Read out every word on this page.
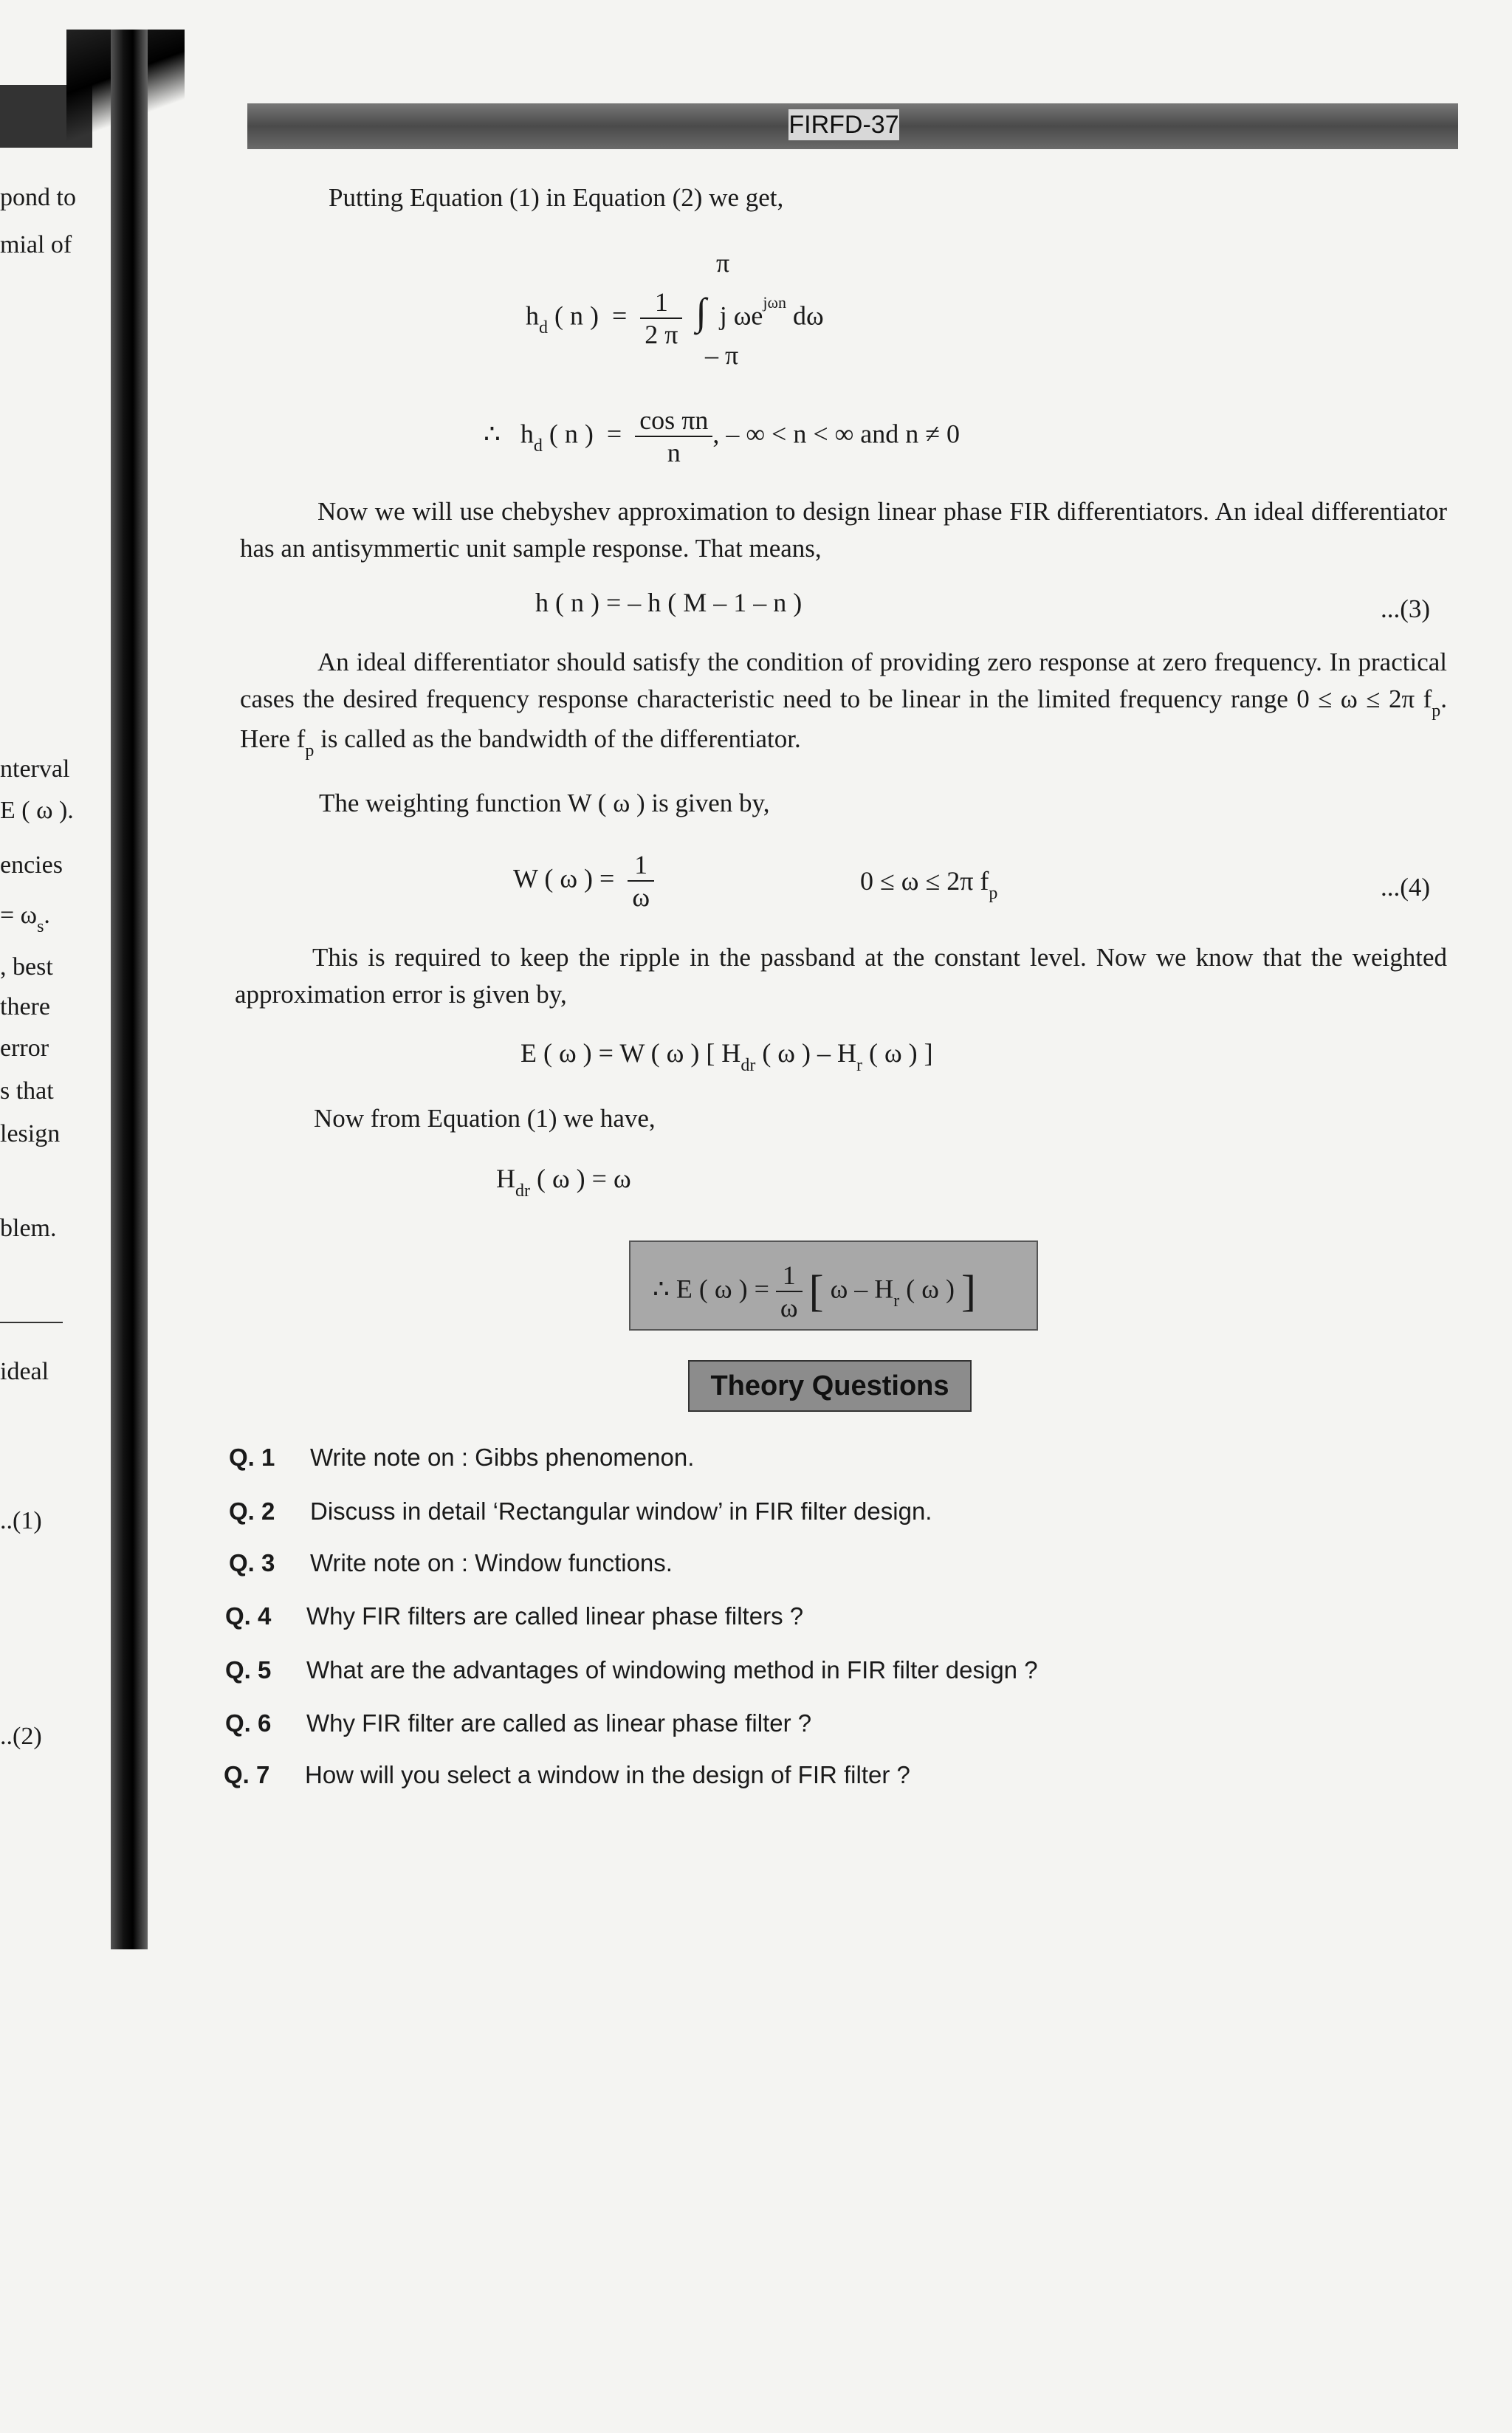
pond to
mial of
nterval
E ( ω ).
encies
= $\omega_s$.
, best
there
error
s that
lesign
blem.
ideal
..(1)
..(2)
FIRFD-37
Putting Equation (1) in Equation (2) we get,
π
$h_d$ ( n ) = $\frac{1}{2 \pi}$ ∫ j $\omega e^{j\omega n}$ dω
– π
∴ $h_d$ ( n ) = $\frac{\text{cos πn}}{n}$ , – ∞ < n < ∞ and n ≠ 0
Now we will use chebyshev approximation to design linear phase FIR differentiators. An ideal differentiator has an antisymmertic unit sample response. That means,
h ( n ) = – h ( M – 1 – n )	...(3)
An ideal differentiator should satisfy the condition of providing zero response at zero frequency. In practical cases the desired frequency response characteristic need to be linear in the limited frequency range 0 ≤ ω ≤ 2π $f_p$. Here $f_p$ is called as the bandwidth of the differentiator.
The weighting function W ( ω ) is given by,
W ( ω ) = $\frac{1}{\omega}$	0 ≤ ω ≤ 2π $f_p$	...(4)
This is required to keep the ripple in the passband at the constant level. Now we know that the weighted approximation error is given by,
E ( ω ) = W ( ω ) [ $H_{dr}$ ( ω ) – $H_r$ ( ω ) ]
Now from Equation (1) we have,
$H_{dr}$ ( ω ) = ω
∴ E ( ω ) = $\frac{1}{\omega}$ [ ω – $H_r$ ( ω ) ]
Theory Questions
Q. 1 Write note on : Gibbs phenomenon.
Q. 2 Discuss in detail ‘Rectangular window’ in FIR filter design.
Q. 3 Write note on : Window functions.
Q. 4 Why FIR filters are called linear phase filters ?
Q. 5 What are the advantages of windowing method in FIR filter design ?
Q. 6 Why FIR filter are called as linear phase filter ?
Q. 7 How will you select a window in the design of FIR filter ?
